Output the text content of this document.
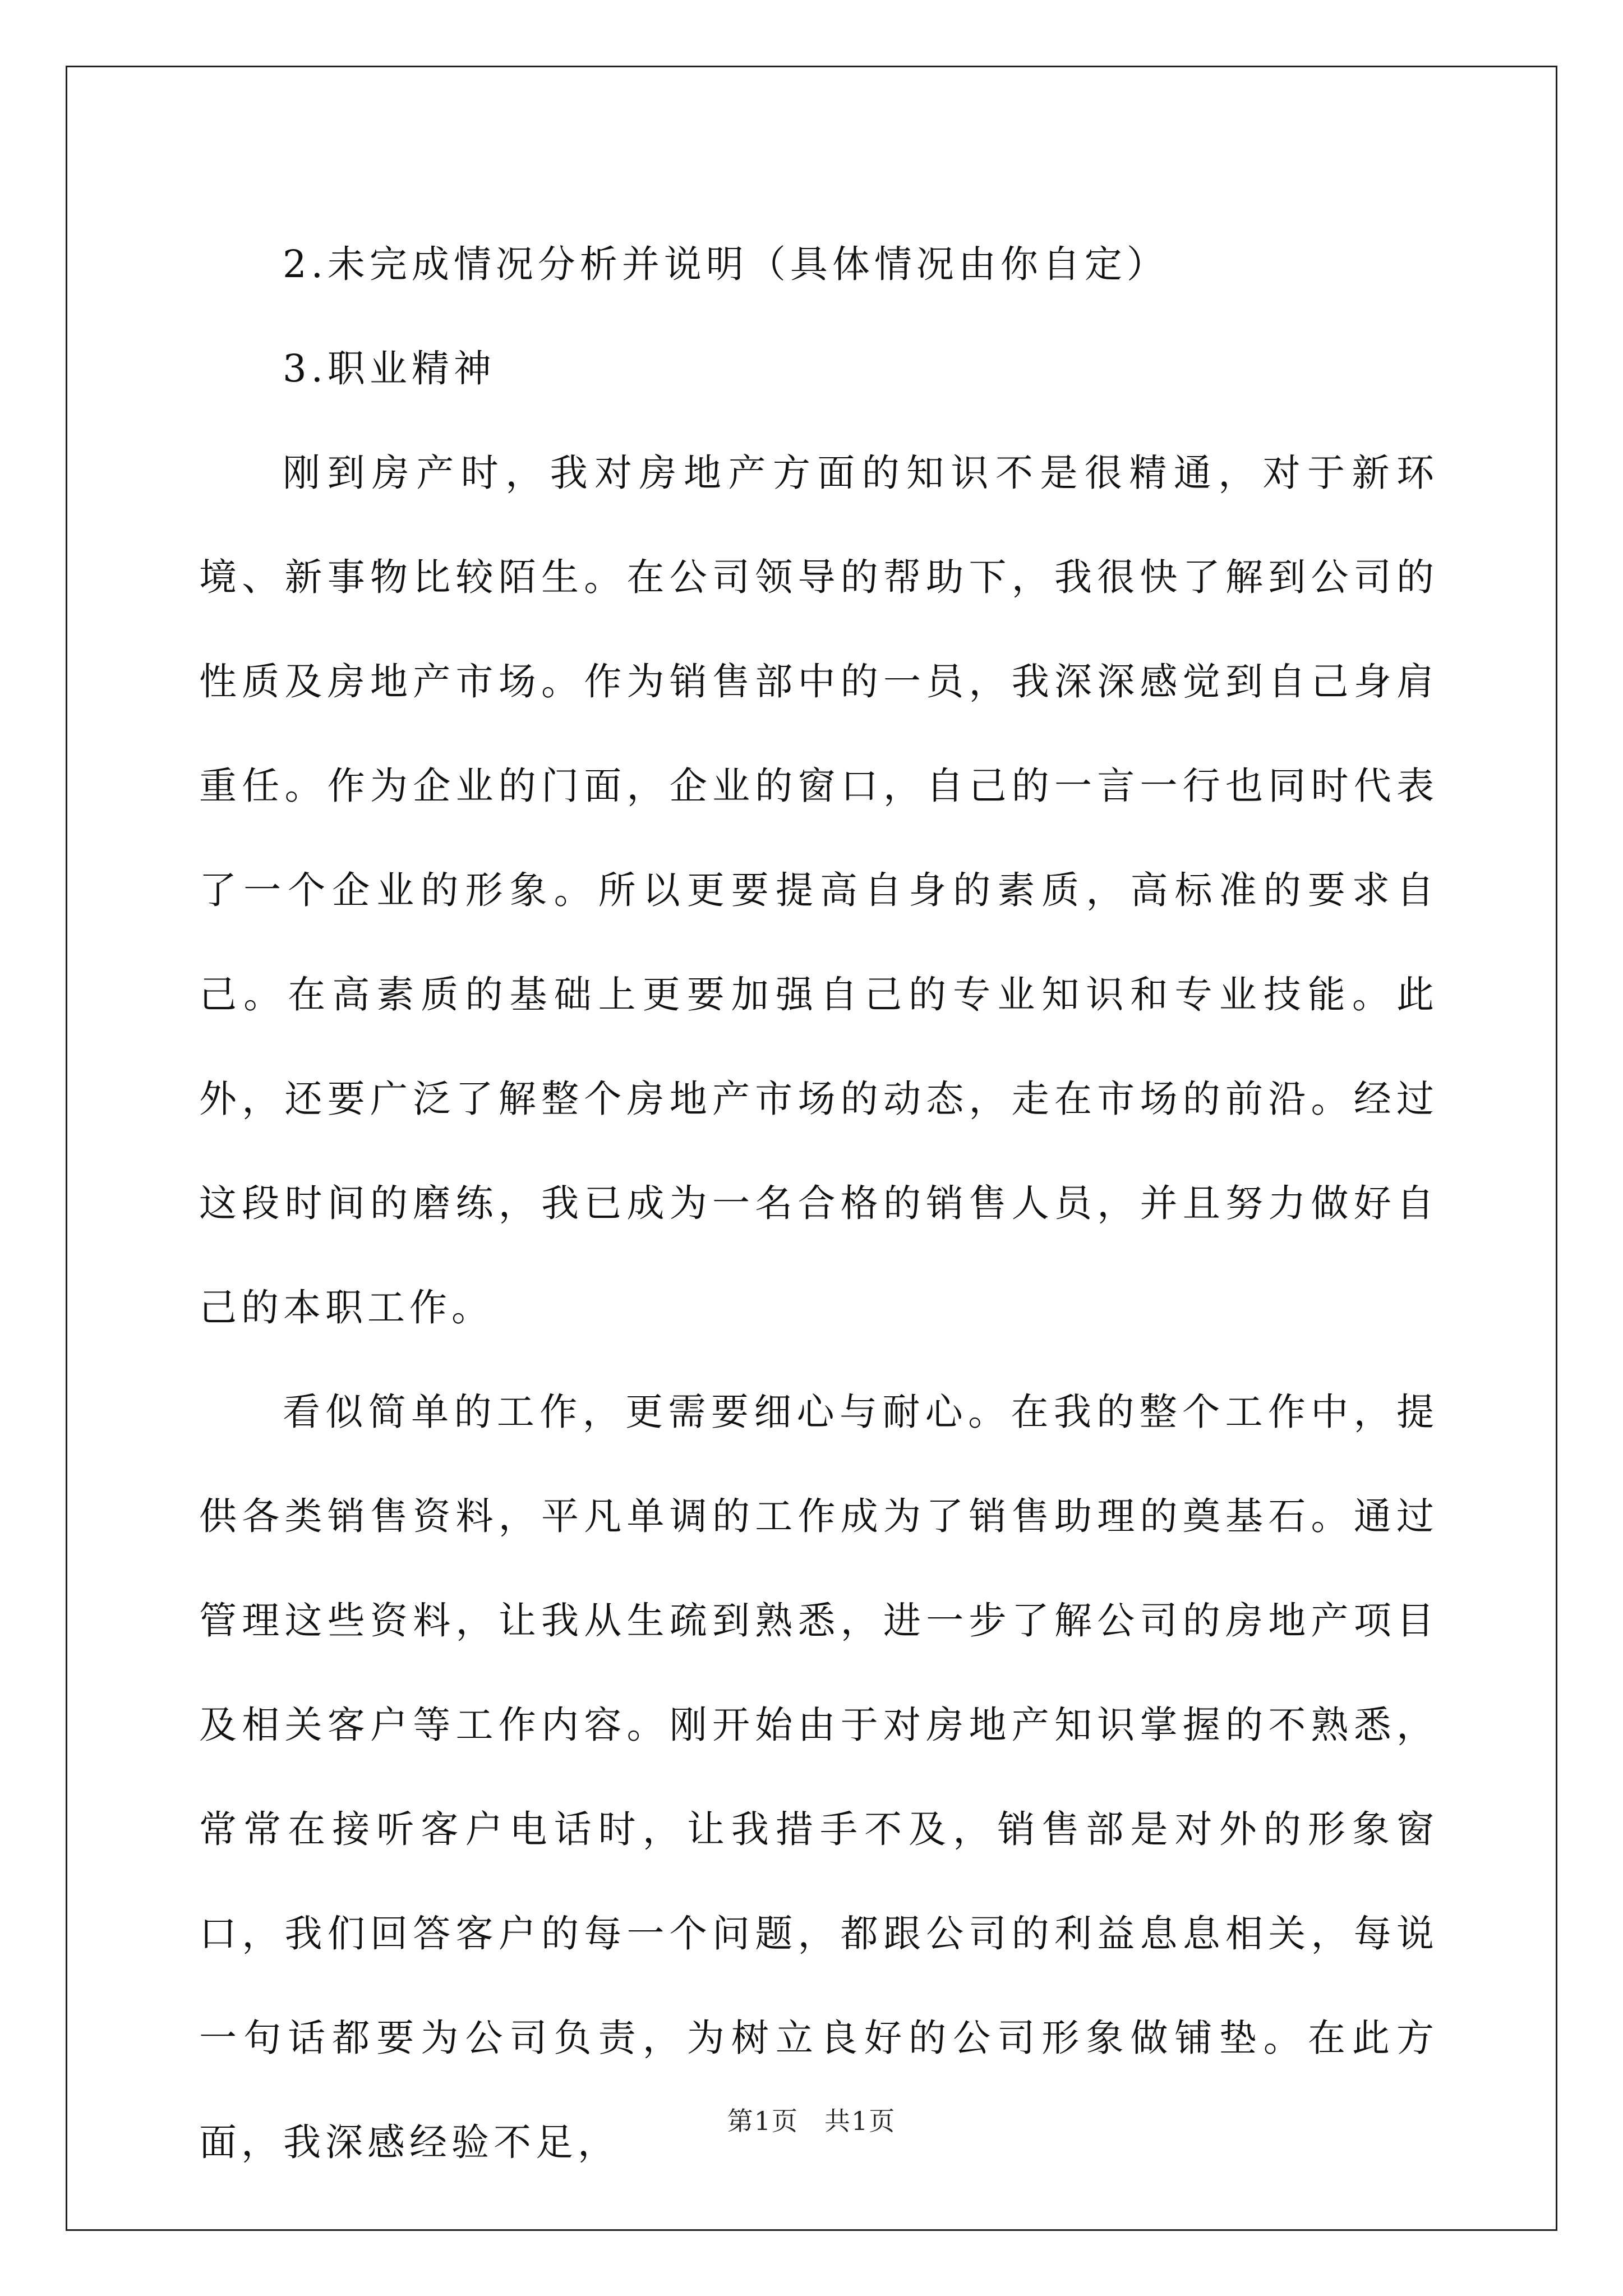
2.未完成情况分析并说明（具体情况由你自定）

3.职业精神

刚到房产时，我对房地产方面的知识不是很精通，对于新环境、新事物比较陌生。在公司领导的帮助下，我很快了解到公司的性质及房地产市场。作为销售部中的一员，我深深感觉到自己身肩重任。作为企业的门面，企业的窗口，自己的一言一行也同时代表了一个企业的形象。所以更要提高自身的素质，高标准的要求自己。在高素质的基础上更要加强自己的专业知识和专业技能。此外，还要广泛了解整个房地产市场的动态，走在市场的前沿。经过这段时间的磨练，我已成为一名合格的销售人员，并且努力做好自己的本职工作。

看似简单的工作，更需要细心与耐心。在我的整个工作中，提供各类销售资料，平凡单调的工作成为了销售助理的奠基石。通过管理这些资料，让我从生疏到熟悉，进一步了解公司的房地产项目及相关客户等工作内容。刚开始由于对房地产知识掌握的不熟悉，常常在接听客户电话时，让我措手不及，销售部是对外的形象窗口，我们回答客户的每一个问题，都跟公司的利益息息相关，每说一句话都要为公司负责，为树立良好的公司形象做铺垫。在此方面，我深感经验不足，	第1页 共1页
